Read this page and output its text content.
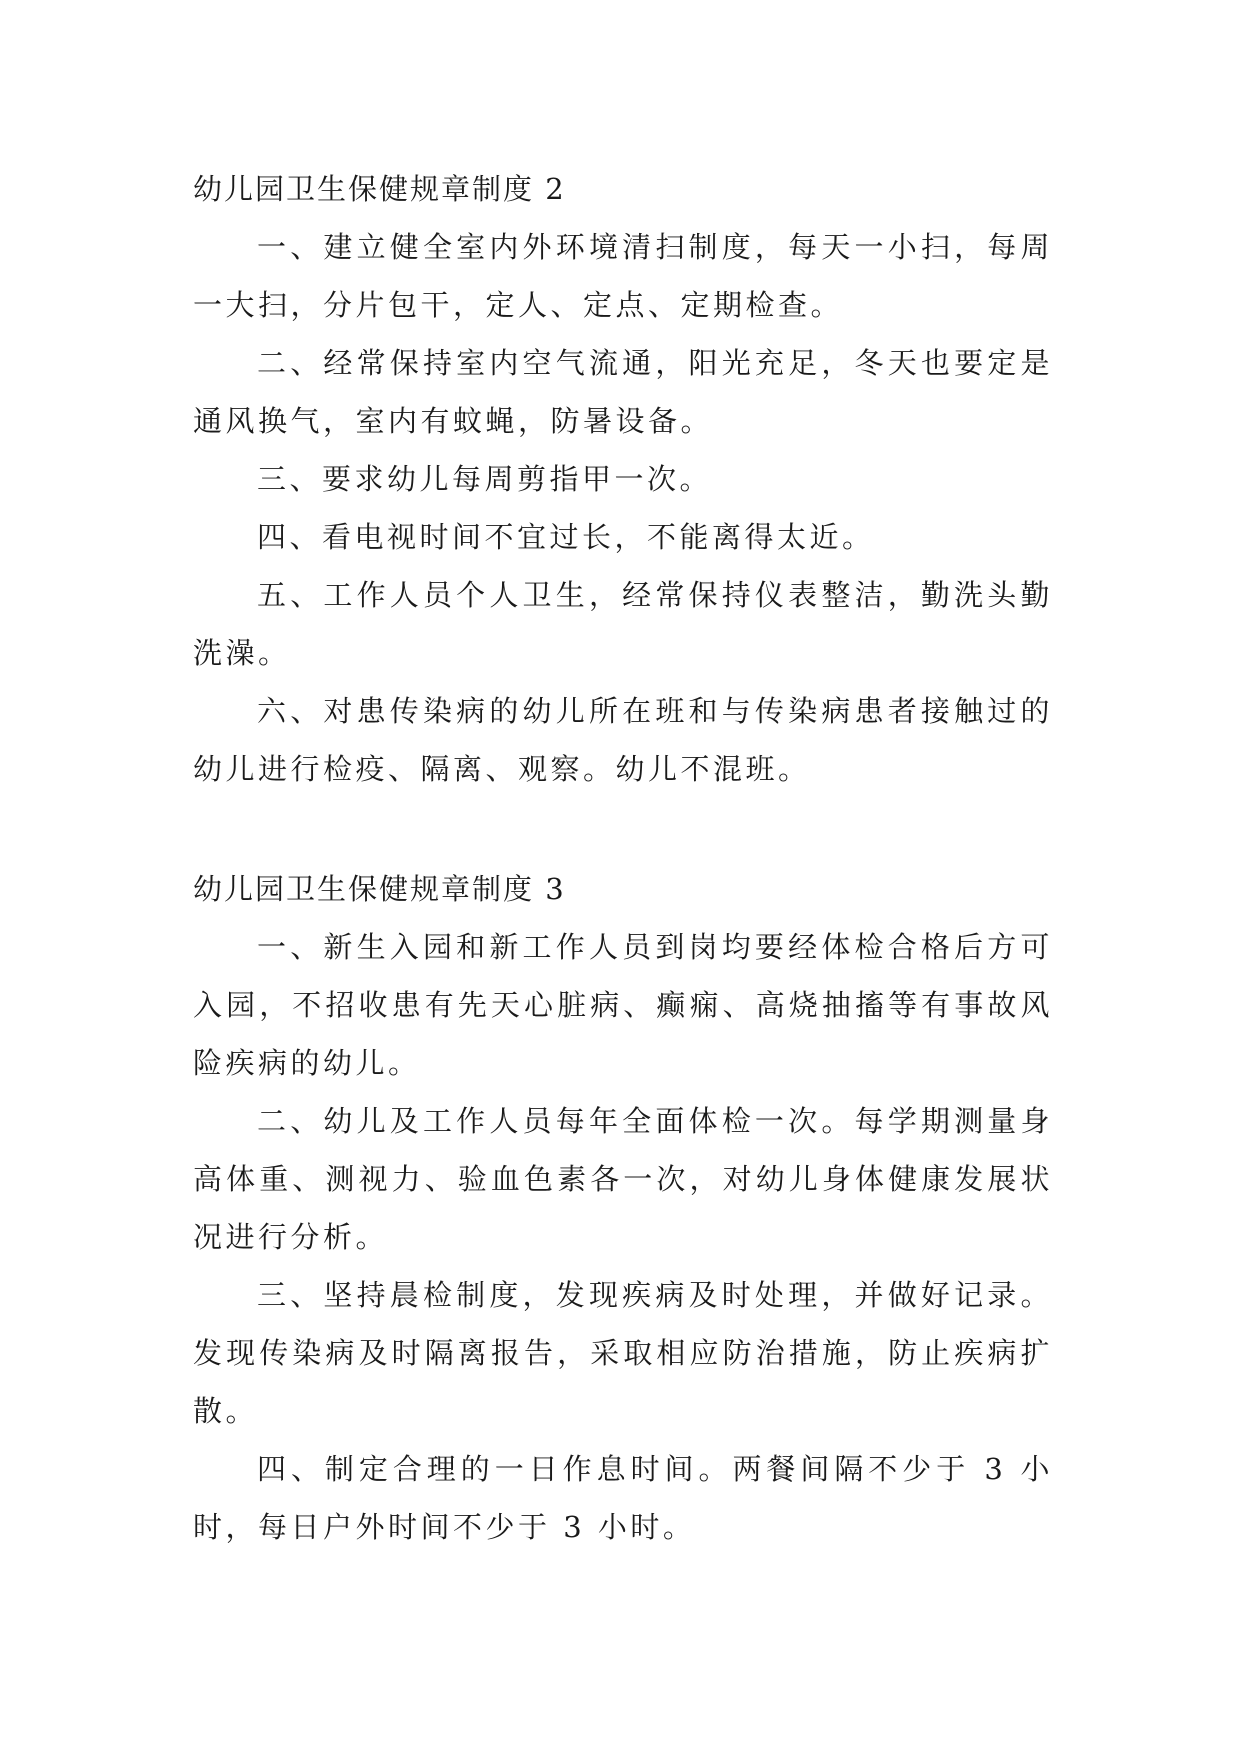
幼儿园卫生保健规章制度 2

一、建立健全室内外环境清扫制度，每天一小扫，每周一大扫，分片包干，定人、定点、定期检查。

二、经常保持室内空气流通，阳光充足，冬天也要定是通风换气，室内有蚊蝇，防暑设备。

三、要求幼儿每周剪指甲一次。

四、看电视时间不宜过长，不能离得太近。

五、工作人员个人卫生，经常保持仪表整洁，勤洗头勤洗澡。

六、对患传染病的幼儿所在班和与传染病患者接触过的幼儿进行检疫、隔离、观察。幼儿不混班。

幼儿园卫生保健规章制度 3

一、新生入园和新工作人员到岗均要经体检合格后方可入园，不招收患有先天心脏病、癫痫、高烧抽搐等有事故风险疾病的幼儿。

二、幼儿及工作人员每年全面体检一次。每学期测量身高体重、测视力、验血色素各一次，对幼儿身体健康发展状况进行分析。

三、坚持晨检制度，发现疾病及时处理，并做好记录。发现传染病及时隔离报告，采取相应防治措施，防止疾病扩散。

四、制定合理的一日作息时间。两餐间隔不少于 3 小时，每日户外时间不少于 3 小时。
